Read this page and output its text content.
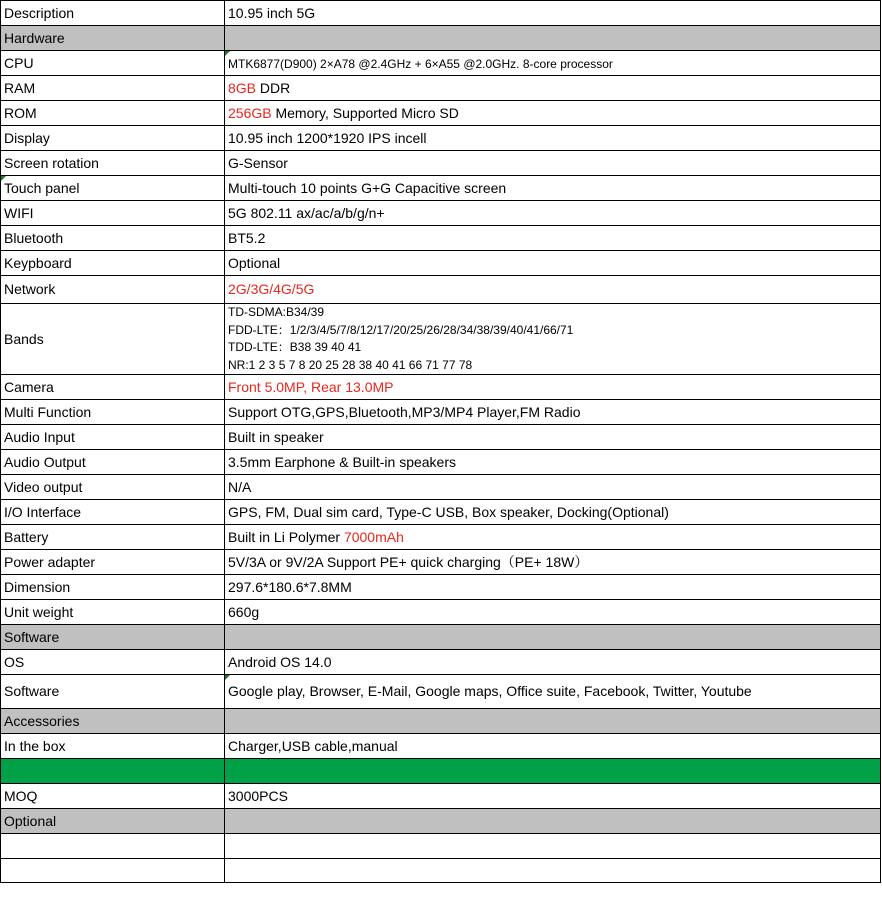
Description	10.95 inch 5G
Hardware	
CPU	MTK6877(D900) 2×A78 @2.4GHz + 6×A55 @2.0GHz. 8-core processor
RAM	8GB DDR
ROM	256GB Memory, Supported Micro SD
Display	10.95 inch 1200*1920 IPS incell
Screen rotation	G-Sensor

Touch panel	Multi-touch 10 points G+G Capacitive screen
WIFI	5G 802.11 ax/ac/a/b/g/n+
Bluetooth	BT5.2
Keypboard	Optional
Network	2G/3G/4G/5G
Bands	TD-SDMA:B34/39
FDD-LTE：1/2/3/4/5/7/8/12/17/20/25/26/28/34/38/39/40/41/66/71
TDD-LTE：B38 39 40 41
NR:1 2 3 5 7 8 20 25 28 38 40 41 66 71 77 78

Camera	Front 5.0MP, Rear 13.0MP
Multi Function	Support OTG,GPS,Bluetooth,MP3/MP4 Player,FM Radio
Audio Input	Built in speaker
Audio Output	3.5mm Earphone & Built-in speakers
Video output	N/A
I/O Interface	GPS, FM, Dual sim card, Type-C USB, Box speaker, Docking(Optional)
Battery	Built in Li Polymer 7000mAh
Power adapter	5V/3A or 9V/2A Support PE+ quick charging（PE+ 18W）
Dimension	297.6*180.6*7.8MM
Unit weight	660g
Software	
OS	Android OS 14.0
Software	Google play, Browser, E-Mail, Google maps, Office suite, Facebook, Twitter, Youtube
Accessories	
In the box	Charger,USB cable,manual

MOQ	3000PCS
Optional	
